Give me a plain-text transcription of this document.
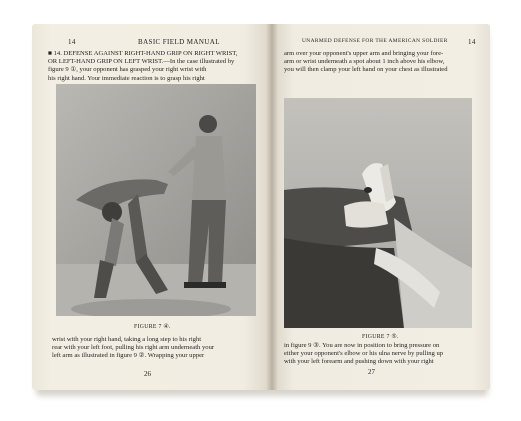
14	BASIC FIELD MANUAL
■ 14. DEFENSE AGAINST RIGHT-HAND GRIP ON RIGHT WRIST,
OR LEFT-HAND GRIP ON LEFT WRIST.—In the case illustrated by
figure 9 ①, your opponent has grasped your right wrist with
his right hand. Your immediate reaction is to grasp his right
FIGURE 7 ④.
wrist with your right hand, taking a long step to his right
rear with your left foot, pulling his right arm underneath your
left arm as illustrated in figure 9 ②. Wrapping your upper
26
UNARMED DEFENSE FOR THE AMERICAN SOLDIER	14
arm over your opponent's upper arm and bringing your fore-
arm or wrist underneath a spot about 1 inch above his elbow,
you will then clamp your left hand on your chest as illustrated
FIGURE 7 ⑤.
in figure 9 ③. You are now in position to bring pressure on
either your opponent's elbow or his ulna nerve by pulling up
with your left forearm and pushing down with your right
27
